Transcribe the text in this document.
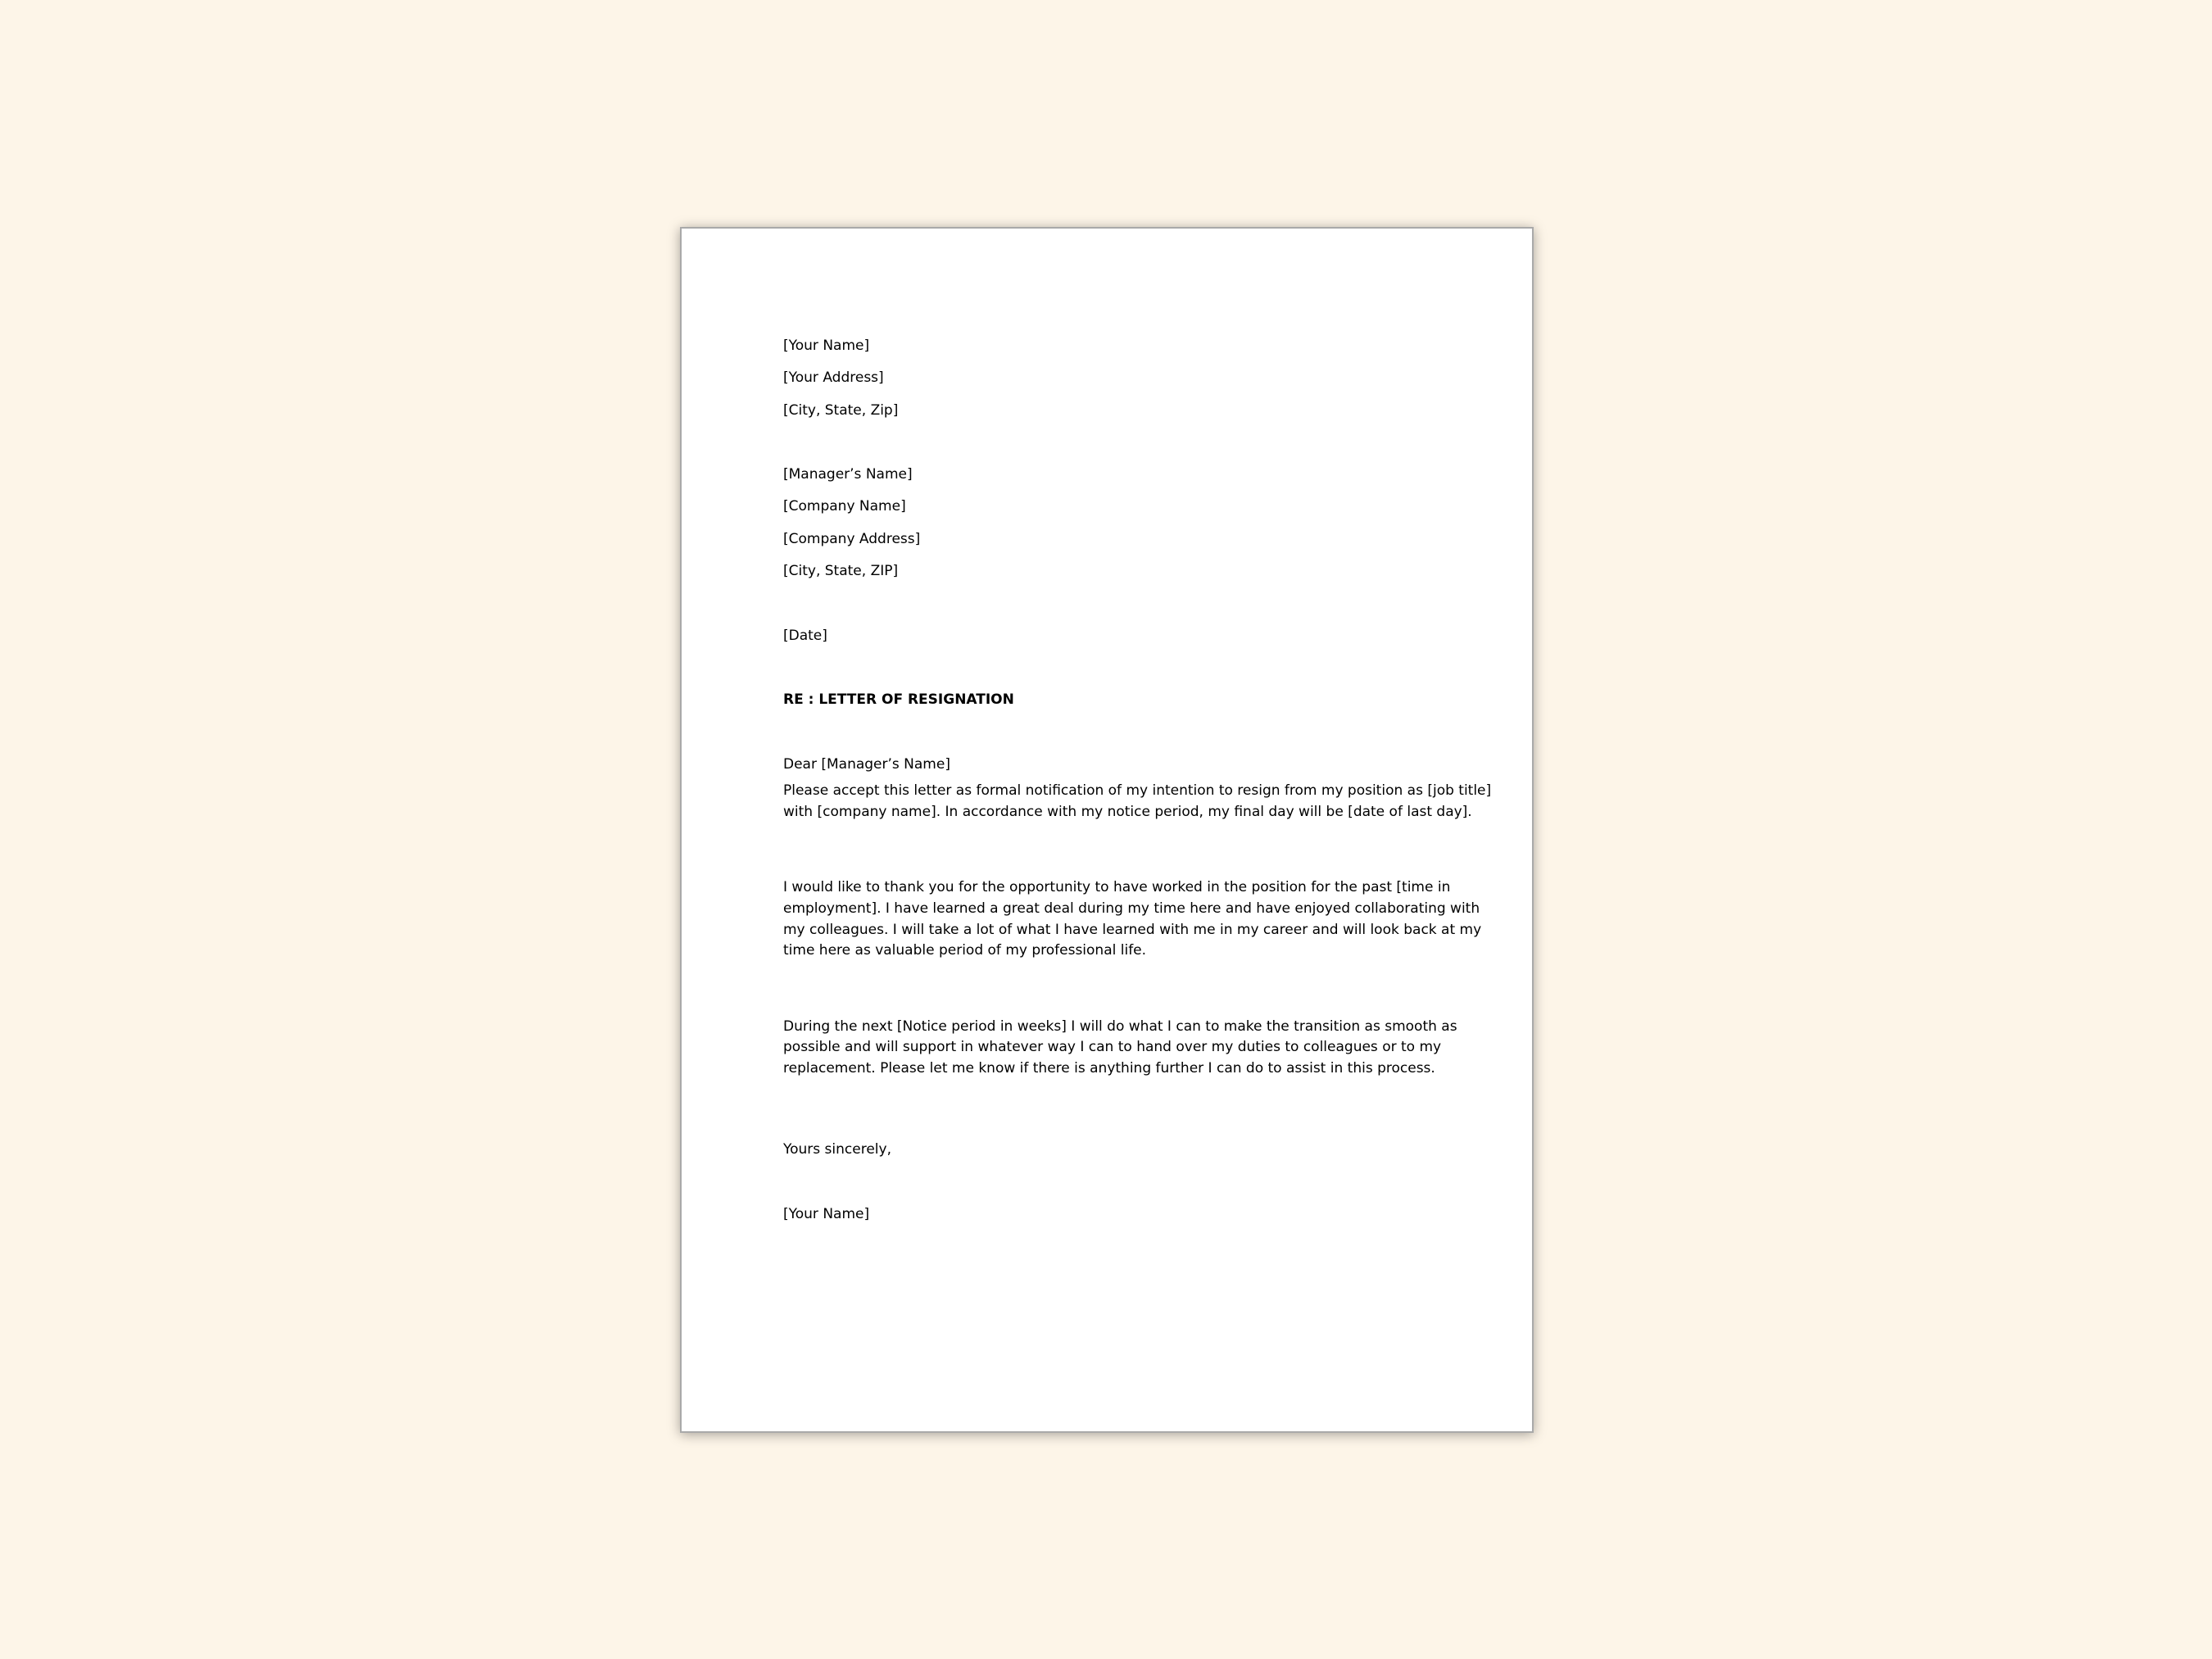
[Your Name]
[Your Address]
[City, State, Zip]
[Manager’s Name]
[Company Name]
[Company Address]
[City, State, ZIP]
[Date]
RE : LETTER OF RESIGNATION
Dear [Manager’s Name]
Please accept this letter as formal notification of my intention to resign from my position as [job title]
with [company name]. In accordance with my notice period, my final day will be [date of last day].
I would like to thank you for the opportunity to have worked in the position for the past [time in
employment]. I have learned a great deal during my time here and have enjoyed collaborating with
my colleagues. I will take a lot of what I have learned with me in my career and will look back at my
time here as valuable period of my professional life.
During the next [Notice period in weeks] I will do what I can to make the transition as smooth as
possible and will support in whatever way I can to hand over my duties to colleagues or to my
replacement. Please let me know if there is anything further I can do to assist in this process.
Yours sincerely,
[Your Name]
